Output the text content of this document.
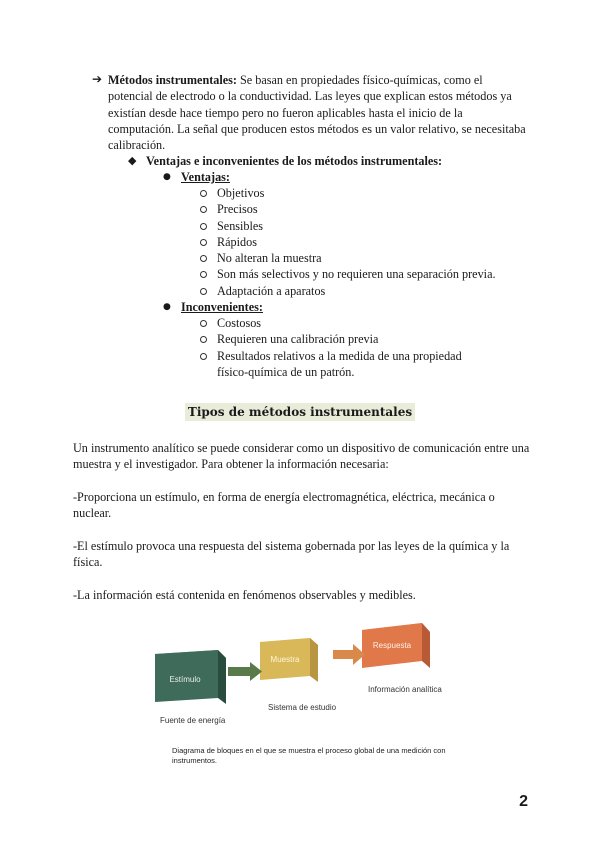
➔ Métodos instrumentales: Se basan en propiedades físico-químicas, como el potencial de electrodo o la conductividad. Las leyes que explican estos métodos ya existían desde hace tiempo pero no fueron aplicables hasta el inicio de la computación. La señal que producen estos métodos es un valor relativo, se necesitaba calibración.
◆ Ventajas e inconvenientes de los métodos instrumentales:
● Ventajas:
Objetivos
Precisos
Sensibles
Rápidos
No alteran la muestra
Son más selectivos y no requieren una separación previa.
Adaptación a aparatos
● Inconvenientes:
Costosos
Requieren una calibración previa
Resultados relativos a la medida de una propiedad
físico-química de un patrón.
Tipos de métodos instrumentales
Un instrumento analítico se puede considerar como un dispositivo de comunicación entre una muestra y el investigador. Para obtener la información necesaria:
-Proporciona un estímulo, en forma de energía electromagnética, eléctrica, mecánica o nuclear.
-El estímulo provoca una respuesta del sistema gobernada por las leyes de la química y la física.
-La información está contenida en fenómenos observables y medibles.
Estímulo
Muestra
Respuesta
Fuente de energía
Sistema de estudio
Información analítica
Diagrama de bloques en el que se muestra el proceso global de una medición con instrumentos.
2
